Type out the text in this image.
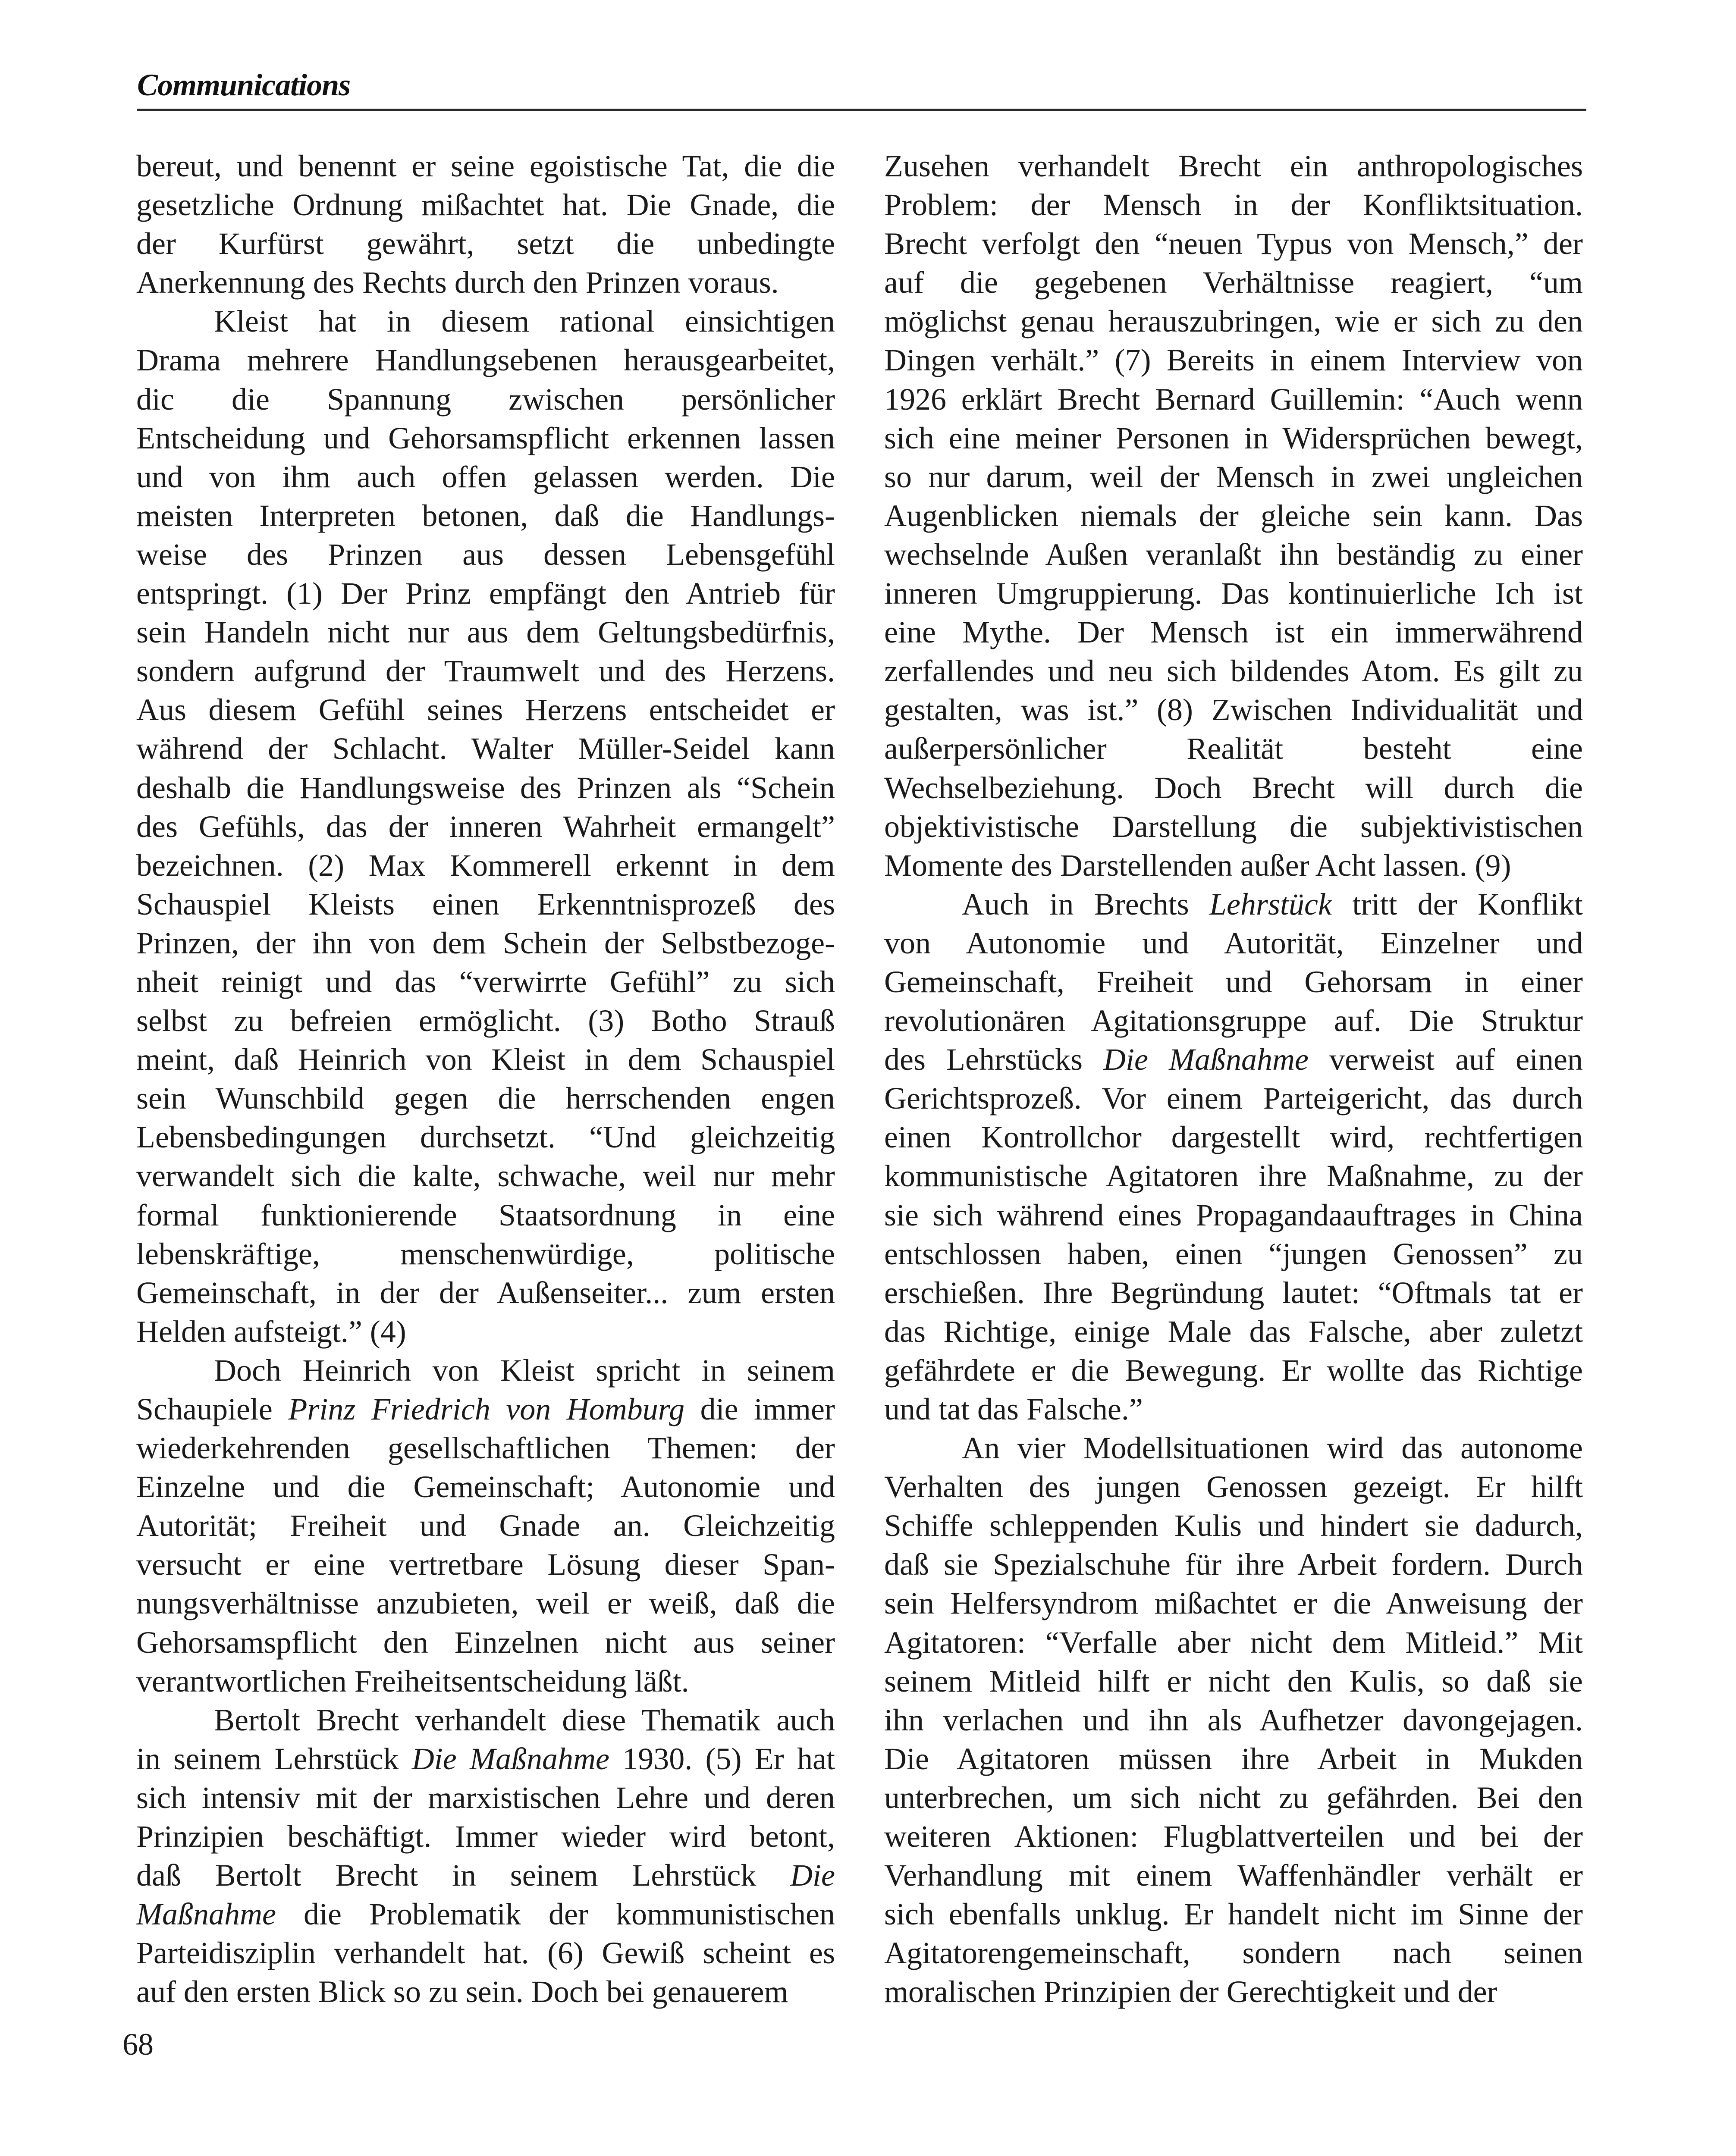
Communications
bereut, und benennt er seine egoistische Tat, die die
gesetzliche Ordnung mißachtet hat. Die Gnade, die
der Kurfürst gewährt, setzt die unbedingte
Anerkennung des Rechts durch den Prinzen voraus.
Kleist hat in diesem rational einsichtigen
Drama mehrere Handlungsebenen herausgearbeitet,
dic die Spannung zwischen persönlicher
Entscheidung und Gehorsamspflicht erkennen lassen
und von ihm auch offen gelassen werden. Die
meisten Interpreten betonen, daß die Handlungs-
weise des Prinzen aus dessen Lebensgefühl
entspringt. (1) Der Prinz empfängt den Antrieb für
sein Handeln nicht nur aus dem Geltungsbedürfnis,
sondern aufgrund der Traumwelt und des Herzens.
Aus diesem Gefühl seines Herzens entscheidet er
während der Schlacht. Walter Müller-Seidel kann
deshalb die Handlungsweise des Prinzen als “Schein
des Gefühls, das der inneren Wahrheit ermangelt”
bezeichnen. (2) Max Kommerell erkennt in dem
Schauspiel Kleists einen Erkenntnisprozeß des
Prinzen, der ihn von dem Schein der Selbstbezoge-
nheit reinigt und das “verwirrte Gefühl” zu sich
selbst zu befreien ermöglicht. (3) Botho Strauß
meint, daß Heinrich von Kleist in dem Schauspiel
sein Wunschbild gegen die herrschenden engen
Lebensbedingungen durchsetzt. “Und gleichzeitig
verwandelt sich die kalte, schwache, weil nur mehr
formal funktionierende Staatsordnung in eine
lebenskräftige, menschenwürdige, politische
Gemeinschaft, in der der Außenseiter... zum ersten
Helden aufsteigt.” (4)
Doch Heinrich von Kleist spricht in seinem
Schaupiele Prinz Friedrich von Homburg die immer
wiederkehrenden gesellschaftlichen Themen: der
Einzelne und die Gemeinschaft; Autonomie und
Autorität; Freiheit und Gnade an. Gleichzeitig
versucht er eine vertretbare Lösung dieser Span-
nungsverhältnisse anzubieten, weil er weiß, daß die
Gehorsamspflicht den Einzelnen nicht aus seiner
verantwortlichen Freiheitsentscheidung läßt.
Bertolt Brecht verhandelt diese Thematik auch
in seinem Lehrstück Die Maßnahme 1930. (5) Er hat
sich intensiv mit der marxistischen Lehre und deren
Prinzipien beschäftigt. Immer wieder wird betont,
daß Bertolt Brecht in seinem Lehrstück Die
Maßnahme die Problematik der kommunistischen
Parteidisziplin verhandelt hat. (6) Gewiß scheint es
auf den ersten Blick so zu sein. Doch bei genauerem
Zusehen verhandelt Brecht ein anthropologisches
Problem: der Mensch in der Konfliktsituation.
Brecht verfolgt den “neuen Typus von Mensch,” der
auf die gegebenen Verhältnisse reagiert, “um
möglichst genau herauszubringen, wie er sich zu den
Dingen verhält.” (7) Bereits in einem Interview von
1926 erklärt Brecht Bernard Guillemin: “Auch wenn
sich eine meiner Personen in Widersprüchen bewegt,
so nur darum, weil der Mensch in zwei ungleichen
Augenblicken niemals der gleiche sein kann. Das
wechselnde Außen veranlaßt ihn beständig zu einer
inneren Umgruppierung. Das kontinuierliche Ich ist
eine Mythe. Der Mensch ist ein immerwährend
zerfallendes und neu sich bildendes Atom. Es gilt zu
gestalten, was ist.” (8) Zwischen Individualität und
außerpersönlicher Realität besteht eine
Wechselbeziehung. Doch Brecht will durch die
objektivistische Darstellung die subjektivistischen
Momente des Darstellenden außer Acht lassen. (9)
Auch in Brechts Lehrstück tritt der Konflikt
von Autonomie und Autorität, Einzelner und
Gemeinschaft, Freiheit und Gehorsam in einer
revolutionären Agitationsgruppe auf. Die Struktur
des Lehrstücks Die Maßnahme verweist auf einen
Gerichtsprozeß. Vor einem Parteigericht, das durch
einen Kontrollchor dargestellt wird, rechtfertigen
kommunistische Agitatoren ihre Maßnahme, zu der
sie sich während eines Propagandaauftrages in China
entschlossen haben, einen “jungen Genossen” zu
erschießen. Ihre Begründung lautet: “Oftmals tat er
das Richtige, einige Male das Falsche, aber zuletzt
gefährdete er die Bewegung. Er wollte das Richtige
und tat das Falsche.”
An vier Modellsituationen wird das autonome
Verhalten des jungen Genossen gezeigt. Er hilft
Schiffe schleppenden Kulis und hindert sie dadurch,
daß sie Spezialschuhe für ihre Arbeit fordern. Durch
sein Helfersyndrom mißachtet er die Anweisung der
Agitatoren: “Verfalle aber nicht dem Mitleid.” Mit
seinem Mitleid hilft er nicht den Kulis, so daß sie
ihn verlachen und ihn als Aufhetzer davongejagen.
Die Agitatoren müssen ihre Arbeit in Mukden
unterbrechen, um sich nicht zu gefährden. Bei den
weiteren Aktionen: Flugblattverteilen und bei der
Verhandlung mit einem Waffenhändler verhält er
sich ebenfalls unklug. Er handelt nicht im Sinne der
Agitatorengemeinschaft, sondern nach seinen
moralischen Prinzipien der Gerechtigkeit und der
68
